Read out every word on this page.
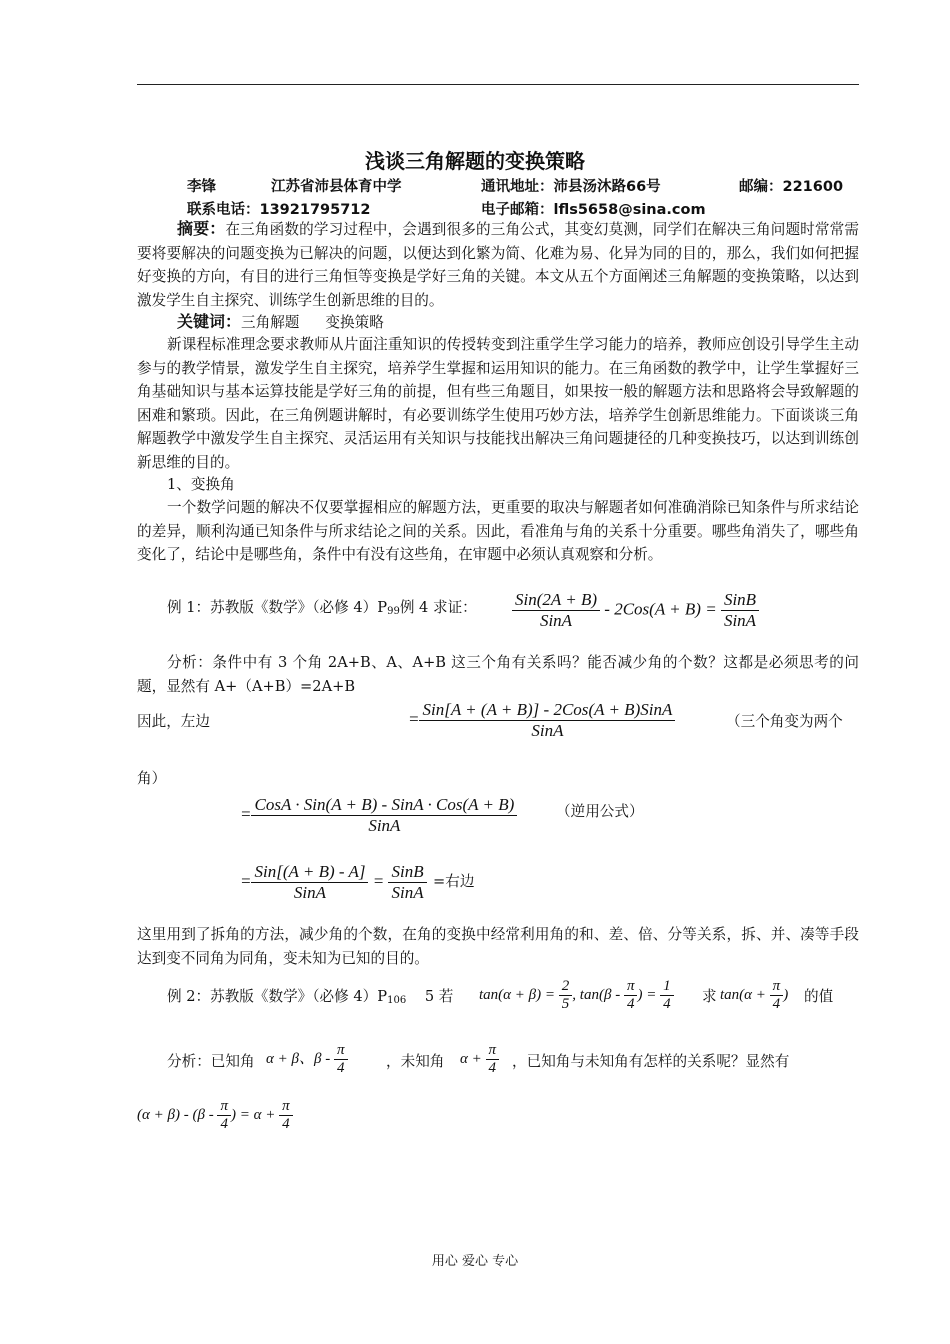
浅谈三角解题的变换策略
李锋	江苏省沛县体育中学	通讯地址：沛县汤沐路66号	邮编：221600
联系电话：13921795712	电子邮箱：lfls5658@sina.com
摘要：在三角函数的学习过程中，会遇到很多的三角公式，其变幻莫测，同学们在解决三角问题时常常需要将要解决的问题变换为已解决的问题，以便达到化繁为简、化难为易、化异为同的目的，那么，我们如何把握好变换的方向，有目的进行三角恒等变换是学好三角的关键。本文从五个方面阐述三角解题的变换策略，以达到激发学生自主探究、训练学生创新思维的目的。
关键词：三角解题 变换策略
新课程标准理念要求教师从片面注重知识的传授转变到注重学生学习能力的培养，教师应创设引导学生主动参与的教学情景，激发学生自主探究，培养学生掌握和运用知识的能力。在三角函数的教学中，让学生掌握好三角基础知识与基本运算技能是学好三角的前提，但有些三角题目，如果按一般的解题方法和思路将会导致解题的困难和繁琐。因此，在三角例题讲解时，有必要训练学生使用巧妙方法，培养学生创新思维能力。下面谈谈三角解题教学中激发学生自主探究、灵活运用有关知识与技能找出解决三角问题捷径的几种变换技巧，以达到训练创新思维的目的。
1、变换角
一个数学问题的解决不仅要掌握相应的解题方法，更重要的取决与解题者如何准确消除已知条件与所求结论的差异，顺利沟通已知条件与所求结论之间的关系。因此，看准角与角的关系十分重要。哪些角消失了，哪些角变化了，结论中是哪些角，条件中有没有这些角，在审题中必须认真观察和分析。
例 1：苏教版《数学》（必修 $4)P_{99}$例 4 求证： $\frac{\text{Sin(2A + B)}}{\text{SinA}} - 2Cos(A + B) = \frac{\text{SinB}}{\text{SinA}}$
分析：条件中有 3 个角 2A+B、A、A+B 这三个角有关系吗？能否减少角的个数？这都是必须思考的问题，显然有 A+（A+B）=2A+B
因此，左边	= $\frac{\text{Sin[A + (A + B)] - 2Cos(A + B)SinA}}{\text{SinA}}$	（三个角变为两个
角）
= $\frac{\text{CosA · Sin(A + B) - SinA · Cos(A + B)}}{\text{SinA}}$	（逆用公式）
= $\frac{\text{Sin[(A + B) - A]}}{\text{SinA}} = \frac{\text{SinB}}{\text{SinA}}$ =右边
这里用到了拆角的方法，减少角的个数，在角的变换中经常利用角的和、差、倍、分等关系，拆、并、凑等手段达到变不同角为同角，变未知为已知的目的。
例 2：苏教版《数学》（必修 $4)P_{106}$ 5 若 $\tan(\alpha + \beta) = \frac{2}{5}$ , $\tan(\beta - \frac{\pi}{4}$ ) = $\frac{1}{4}$ 求 $\tan(\alpha + \frac{\pi}{4}$ ) 的值
分析：已知角 α + β、β - $\frac{\pi}{4}$	，未知角 $\alpha + \frac{\pi}{4}$ ，已知角与未知角有怎样的关系呢？显然有
$(\alpha + \beta) - (\beta - \frac{\pi}{4}$ ) = $\alpha + \frac{\pi}{4}$
用心 爱心 专心
